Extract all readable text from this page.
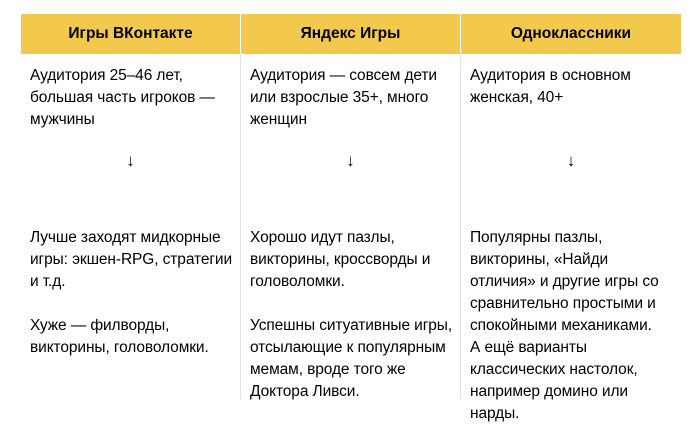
Игры ВКонтакте	Яндекс Игры	Одноклассники

Аудитория 25–46 лет, большая часть игроков — мужчины

↓

Лучше заходят мидкорные игры: экшен-RPG, стратегии и т.д.

Хуже — филворды, викторины, головоломки.

Аудитория — совсем дети или взрослые 35+, много женщин

↓

Хорошо идут пазлы, викторины, кроссворды и головоломки.

Успешны ситуативные игры, отсылающие к популярным мемам, вроде того же Доктора Ливси.

Аудитория в основном женская, 40+

↓

Популярны пазлы, викторины, «Найди отличия» и другие игры со сравнительно простыми и спокойными механиками.

А ещё варианты классических настолок, например домино или нарды.
